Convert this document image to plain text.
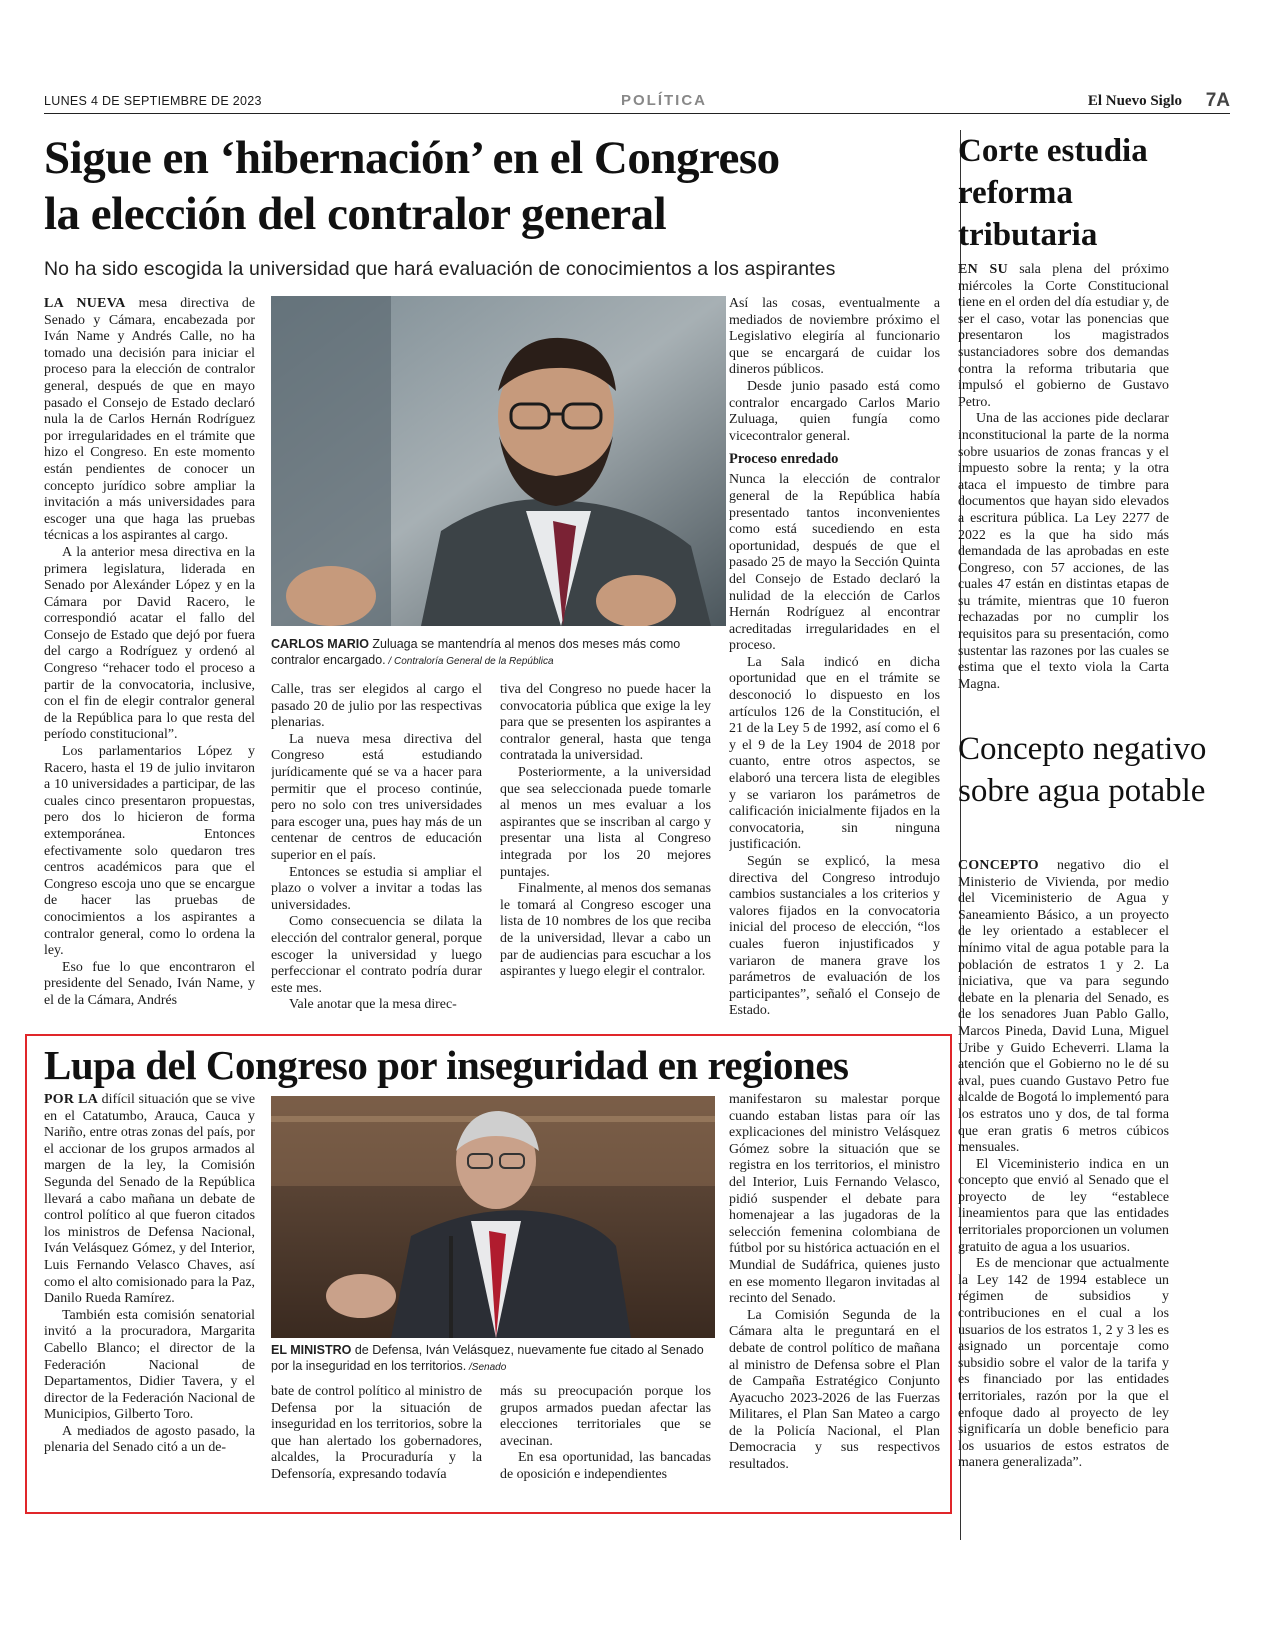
LUNES 4 DE SEPTIEMBRE DE 2023	POLÍTICA	El Nuevo Siglo 7A
Sigue en ‘hibernación’ en el Congreso
la elección del contralor general
No ha sido escogida la universidad que hará evaluación de conocimientos a los aspirantes

LA NUEVA mesa directiva de Senado y Cámara, encabezada por Iván Name y Andrés Calle, no ha tomado una decisión para iniciar el proceso para la elección de contralor general, después de que en mayo pasado el Consejo de Estado declaró nula la de Carlos Hernán Rodríguez por irregularidades en el trámite que hizo el Congreso. En este momento están pendientes de conocer un concepto jurídico sobre ampliar la invitación a más universidades para escoger una que haga las pruebas técnicas a los aspirantes al cargo.

A la anterior mesa directiva en la primera legislatura, liderada en Senado por Alexánder López y en la Cámara por David Racero, le correspondió acatar el fallo del Consejo de Estado que dejó por fuera del cargo a Rodríguez y ordenó al Congreso “rehacer todo el proceso a partir de la convocatoria, inclusive, con el fin de elegir contralor general de la República para lo que resta del período constitucional”.

Los parlamentarios López y Racero, hasta el 19 de julio invitaron a 10 universidades a participar, de las cuales cinco presentaron propuestas, pero dos lo hicieron de forma extemporánea. Entonces efectivamente solo quedaron tres centros académicos para que el Congreso escoja uno que se encargue de hacer las pruebas de conocimientos a los aspirantes a contralor general, como lo ordena la ley.

Eso fue lo que encontraron el presidente del Senado, Iván Name, y el de la Cámara, Andrés

CARLOS MARIO Zuluaga se mantendría al menos dos meses más como contralor encargado. / Contraloría General de la República

Calle, tras ser elegidos al cargo el pasado 20 de julio por las respectivas plenarias.

La nueva mesa directiva del Congreso está estudiando jurídicamente qué se va a hacer para permitir que el proceso continúe, pero no solo con tres universidades para escoger una, pues hay más de un centenar de centros de educación superior en el país.

Entonces se estudia si ampliar el plazo o volver a invitar a todas las universidades.

Como consecuencia se dilata la elección del contralor general, porque escoger la universidad y luego perfeccionar el contrato podría durar este mes.

Vale anotar que la mesa direc-

tiva del Congreso no puede hacer la convocatoria pública que exige la ley para que se presenten los aspirantes a contralor general, hasta que tenga contratada la universidad.

Posteriormente, a la universidad que sea seleccionada puede tomarle al menos un mes evaluar a los aspirantes que se inscriban al cargo y presentar una lista al Congreso integrada por los 20 mejores puntajes.

Finalmente, al menos dos semanas le tomará al Congreso escoger una lista de 10 nombres de los que reciba de la universidad, llevar a cabo un par de audiencias para escuchar a los aspirantes y luego elegir el contralor.

Así las cosas, eventualmente a mediados de noviembre próximo el Legislativo elegiría al funcionario que se encargará de cuidar los dineros públicos.

Desde junio pasado está como contralor encargado Carlos Mario Zuluaga, quien fungía como vicecontralor general.

Proceso enredado

Nunca la elección de contralor general de la República había presentado tantos inconvenientes como está sucediendo en esta oportunidad, después de que el pasado 25 de mayo la Sección Quinta del Consejo de Estado declaró la nulidad de la elección de Carlos Hernán Rodríguez al encontrar acreditadas irregularidades en el proceso.

La Sala indicó en dicha oportunidad que en el trámite se desconoció lo dispuesto en los artículos 126 de la Constitución, el 21 de la Ley 5 de 1992, así como el 6 y el 9 de la Ley 1904 de 2018 por cuanto, entre otros aspectos, se elaboró una tercera lista de elegibles y se variaron los parámetros de calificación inicialmente fijados en la convocatoria, sin ninguna justificación.

Según se explicó, la mesa directiva del Congreso introdujo cambios sustanciales a los criterios y valores fijados en la convocatoria inicial del proceso de elección, “los cuales fueron injustificados y variaron de manera grave los parámetros de evaluación de los participantes”, señaló el Consejo de Estado.

Lupa del Congreso por inseguridad en regiones

POR LA difícil situación que se vive en el Catatumbo, Arauca, Cauca y Nariño, entre otras zonas del país, por el accionar de los grupos armados al margen de la ley, la Comisión Segunda del Senado de la República llevará a cabo mañana un debate de control político al que fueron citados los ministros de Defensa Nacional, Iván Velásquez Gómez, y del Interior, Luis Fernando Velasco Chaves, así como el alto comisionado para la Paz, Danilo Rueda Ramírez.

También esta comisión senatorial invitó a la procuradora, Margarita Cabello Blanco; el director de la Federación Nacional de Departamentos, Didier Tavera, y el director de la Federación Nacional de Municipios, Gilberto Toro.

A mediados de agosto pasado, la plenaria del Senado citó a un de-

EL MINISTRO de Defensa, Iván Velásquez, nuevamente fue citado al Senado por la inseguridad en los territorios. /Senado

bate de control político al ministro de Defensa por la situación de inseguridad en los territorios, sobre la que han alertado los gobernadores, alcaldes, la Procuraduría y la Defensoría, expresando todavía

más su preocupación porque los grupos armados puedan afectar las elecciones territoriales que se avecinan.

En esa oportunidad, las bancadas de oposición e independientes

manifestaron su malestar porque cuando estaban listas para oír las explicaciones del ministro Velásquez Gómez sobre la situación que se registra en los territorios, el ministro del Interior, Luis Fernando Velasco, pidió suspender el debate para homenajear a las jugadoras de la selección femenina colombiana de fútbol por su histórica actuación en el Mundial de Sudáfrica, quienes justo en ese momento llegaron invitadas al recinto del Senado.

La Comisión Segunda de la Cámara alta le preguntará en el debate de control político de mañana al ministro de Defensa sobre el Plan de Campaña Estratégico Conjunto Ayacucho 2023-2026 de las Fuerzas Militares, el Plan San Mateo a cargo de la Policía Nacional, el Plan Democracia y sus respectivos resultados.

Corte estudia reforma tributaria

EN SU sala plena del próximo miércoles la Corte Constitucional tiene en el orden del día estudiar y, de ser el caso, votar las ponencias que presentaron los magistrados sustanciadores sobre dos demandas contra la reforma tributaria que impulsó el gobierno de Gustavo Petro.

Una de las acciones pide declarar inconstitucional la parte de la norma sobre usuarios de zonas francas y el impuesto sobre la renta; y la otra ataca el impuesto de timbre para documentos que hayan sido elevados a escritura pública. La Ley 2277 de 2022 es la que ha sido más demandada de las aprobadas en este Congreso, con 57 acciones, de las cuales 47 están en distintas etapas de su trámite, mientras que 10 fueron rechazadas por no cumplir los requisitos para su presentación, como sustentar las razones por las cuales se estima que el texto viola la Carta Magna.

Concepto negativo sobre agua potable

CONCEPTO negativo dio el Ministerio de Vivienda, por medio del Viceministerio de Agua y Saneamiento Básico, a un proyecto de ley orientado a establecer el mínimo vital de agua potable para la población de estratos 1 y 2. La iniciativa, que va para segundo debate en la plenaria del Senado, es de los senadores Juan Pablo Gallo, Marcos Pineda, David Luna, Miguel Uribe y Guido Echeverri. Llama la atención que el Gobierno no le dé su aval, pues cuando Gustavo Petro fue alcalde de Bogotá lo implementó para los estratos uno y dos, de tal forma que eran gratis 6 metros cúbicos mensuales.

El Viceministerio indica en un concepto que envió al Senado que el proyecto de ley “establece lineamientos para que las entidades territoriales proporcionen un volumen gratuito de agua a los usuarios.

Es de mencionar que actualmente la Ley 142 de 1994 establece un régimen de subsidios y contribuciones en el cual a los usuarios de los estratos 1, 2 y 3 les es asignado un porcentaje como subsidio sobre el valor de la tarifa y es financiado por las entidades territoriales, razón por la que el enfoque dado al proyecto de ley significaría un doble beneficio para los usuarios de estos estratos de manera generalizada”.
